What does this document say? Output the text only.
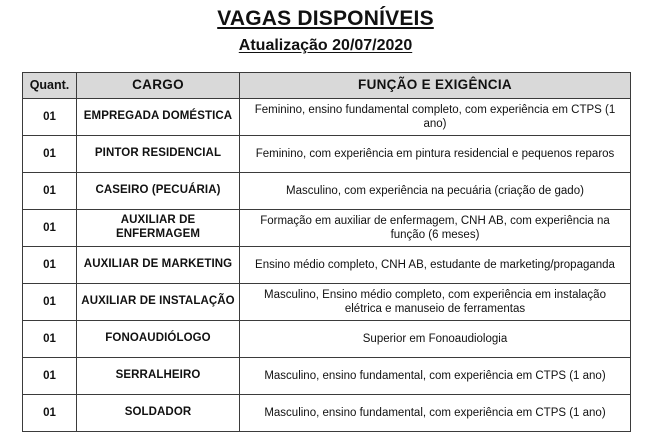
VAGAS DISPONÍVEIS
Atualização 20/07/2020
Quant.	CARGO	FUNÇÃO E EXIGÊNCIA
01	EMPREGADA DOMÉSTICA	Feminino, ensino fundamental completo, com experiência em CTPS (1 ano)
01	PINTOR RESIDENCIAL	Feminino, com experiência em pintura residencial e pequenos reparos
01	CASEIRO (PECUÁRIA)	Masculino, com experiência na pecuária (criação de gado)
01	AUXILIAR DE ENFERMAGEM	Formação em auxiliar de enfermagem, CNH AB, com experiência na função (6 meses)
01	AUXILIAR DE MARKETING	Ensino médio completo, CNH AB, estudante de marketing/propaganda
01	AUXILIAR DE INSTALAÇÃO	Masculino, Ensino médio completo, com experiência em instalação elétrica e manuseio de ferramentas
01	FONOAUDIÓLOGO	Superior em Fonoaudiologia
01	SERRALHEIRO	Masculino, ensino fundamental, com experiência em CTPS (1 ano)
01	SOLDADOR	Masculino, ensino fundamental, com experiência em CTPS (1 ano)
